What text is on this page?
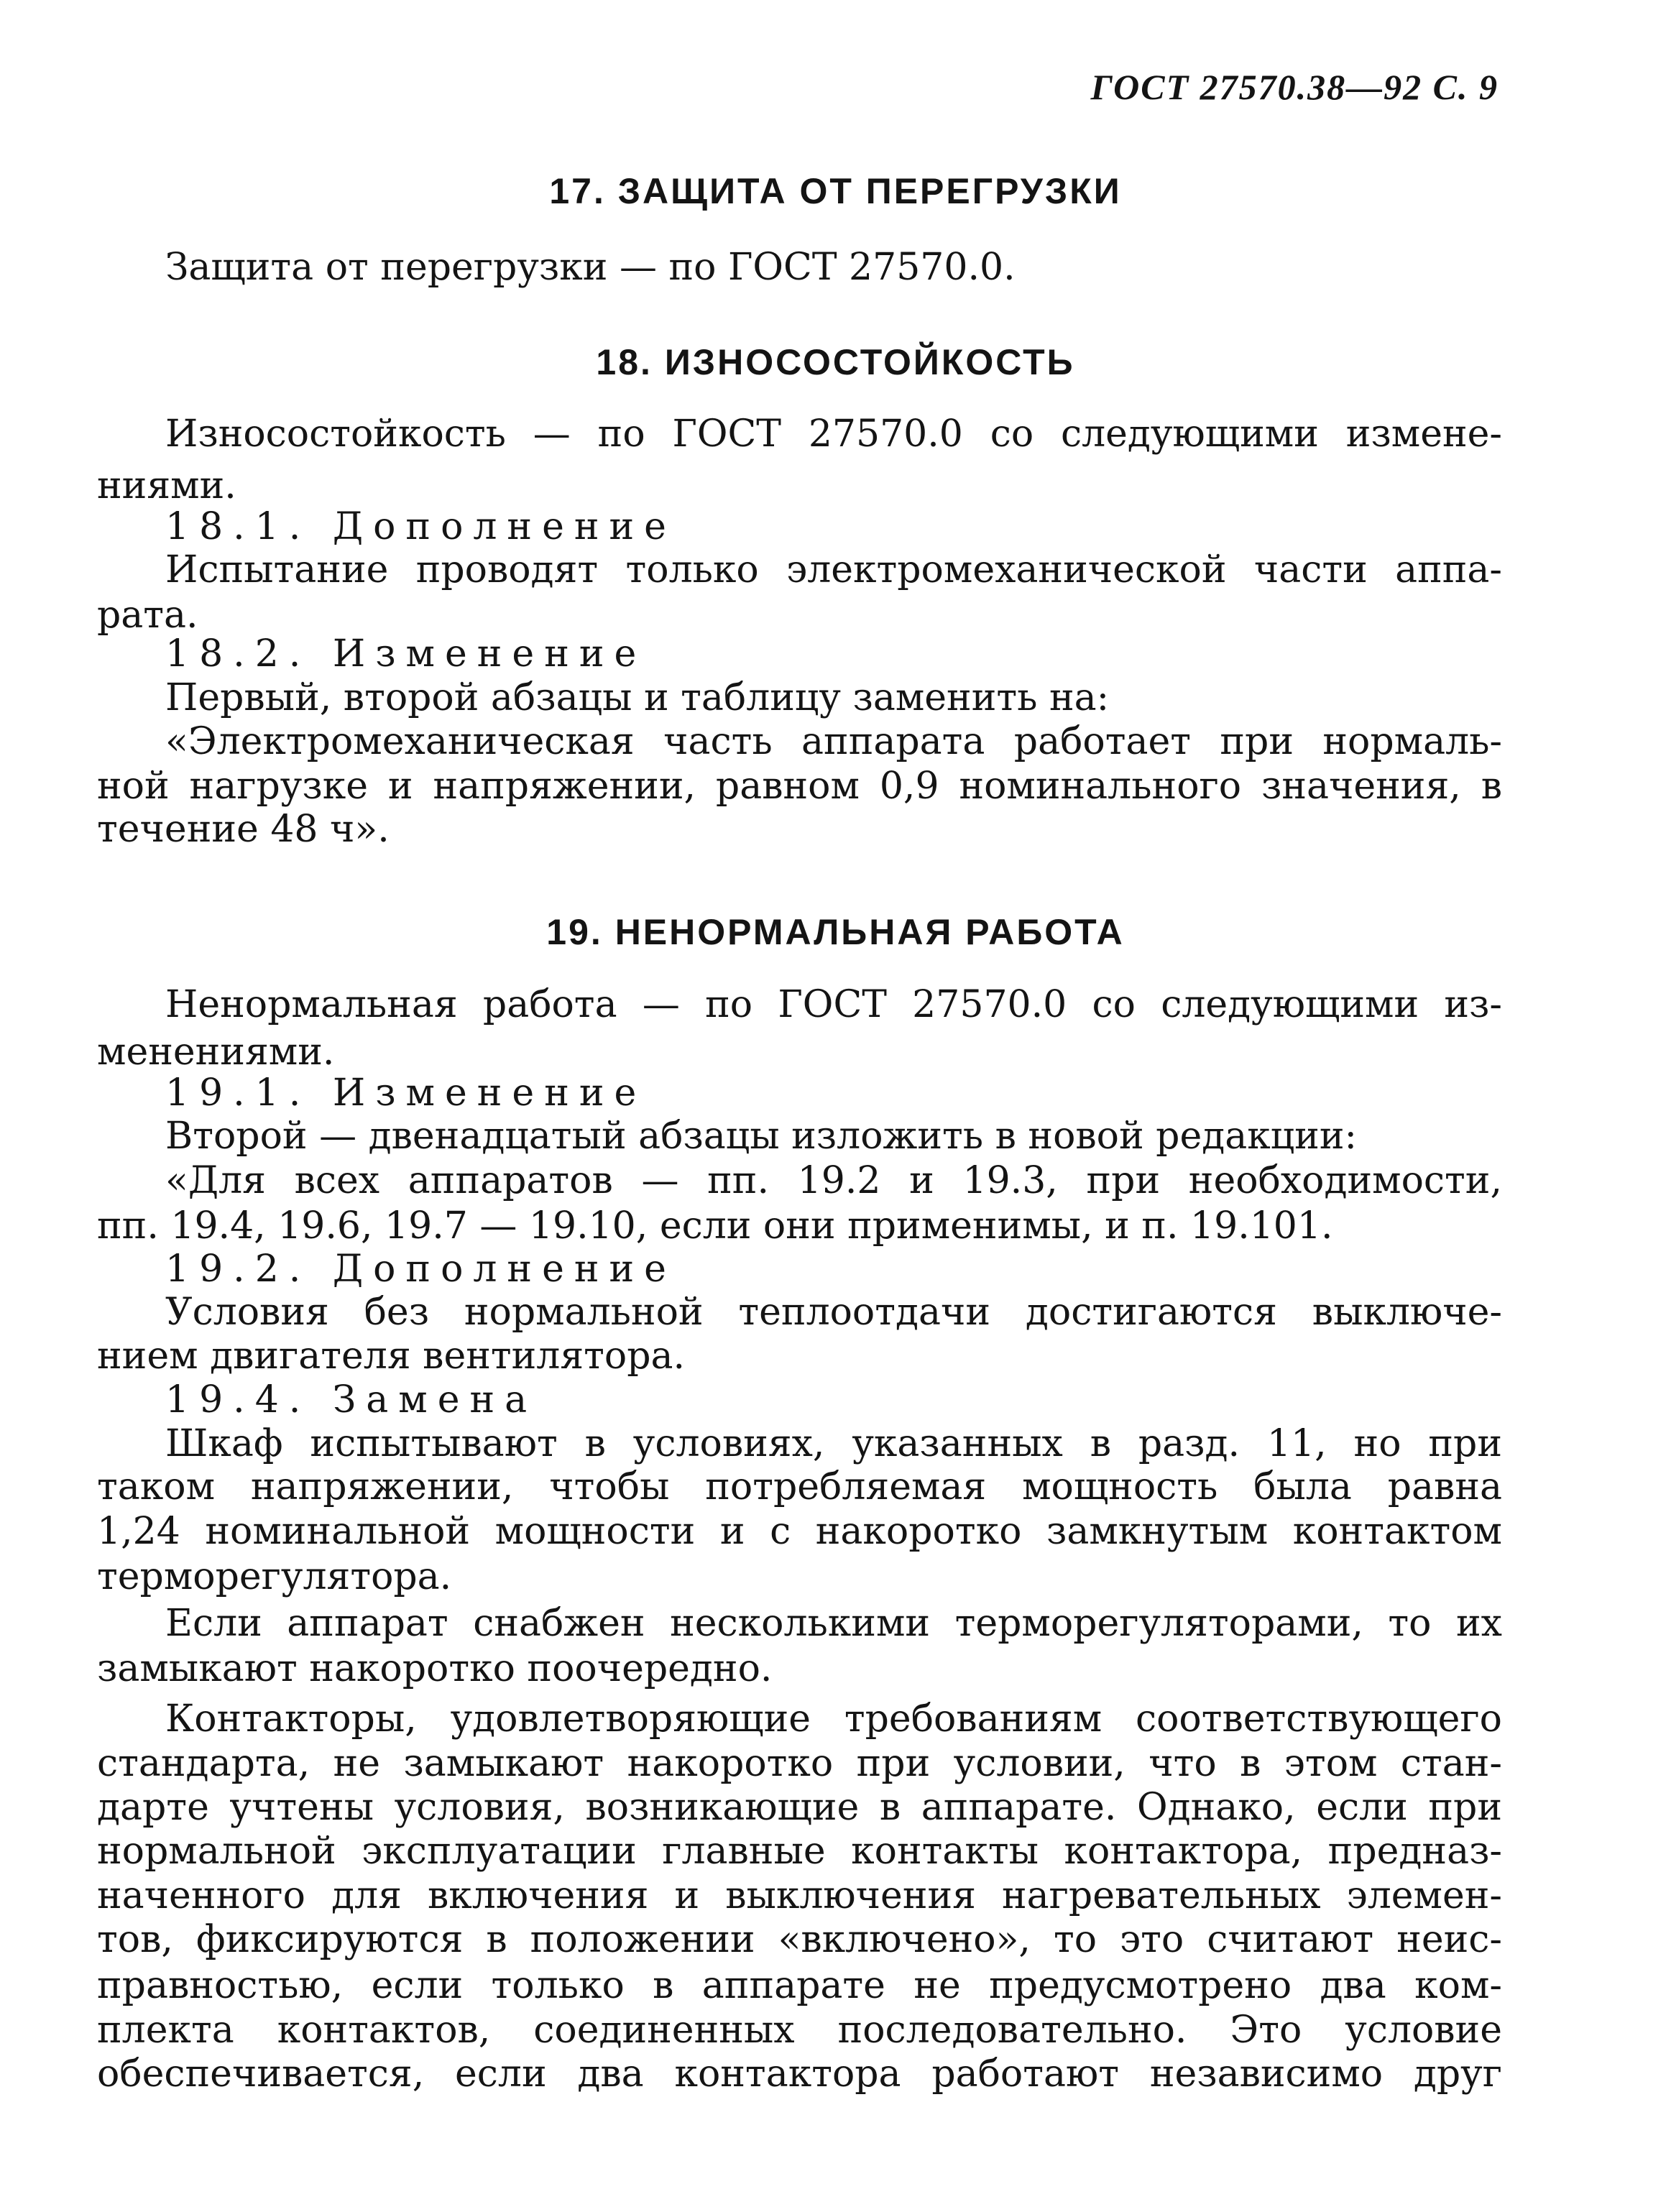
ГОСТ 27570.38—92 С. 9
17. ЗАЩИТА ОТ ПЕРЕГРУЗКИ
Защита от перегрузки — по ГОСТ 27570.0.
18. ИЗНОСОСТОЙКОСТЬ
Износостойкость — по ГОСТ 27570.0 со следующими измене-
ниями.
18.1. Дополнение
Испытание проводят только электромеханической части аппа-
рата.
18.2. Изменение
Первый, второй абзацы и таблицу заменить на:
«Электромеханическая часть аппарата работает при нормаль-
ной нагрузке и напряжении, равном 0,9 номинального значения, в
течение 48 ч».
19. НЕНОРМАЛЬНАЯ РАБОТА
Ненормальная работа — по ГОСТ 27570.0 со следующими из-
менениями.
19.1. Изменение
Второй — двенадцатый абзацы изложить в новой редакции:
«Для всех аппаратов — пп. 19.2 и 19.3, при необходимости,
пп. 19.4, 19.6, 19.7 — 19.10, если они применимы, и п. 19.101.
19.2. Дополнение
Условия без нормальной теплоотдачи достигаются выключе-
нием двигателя вентилятора.
19.4. Замена
Шкаф испытывают в условиях, указанных в разд. 11, но при
таком напряжении, чтобы потребляемая мощность была равна
1,24 номинальной мощности и с накоротко замкнутым контактом
терморегулятора.
Если аппарат снабжен несколькими терморегуляторами, то их
замыкают накоротко поочередно.
Контакторы, удовлетворяющие требованиям соответствующего
стандарта, не замыкают накоротко при условии, что в этом стан-
дарте учтены условия, возникающие в аппарате. Однако, если при
нормальной эксплуатации главные контакты контактора, предназ-
наченного для включения и выключения нагревательных элемен-
тов, фиксируются в положении «включено», то это считают неис-
правностью, если только в аппарате не предусмотрено два ком-
плекта контактов, соединенных последовательно. Это условие
обеспечивается, если два контактора работают независимо друг
